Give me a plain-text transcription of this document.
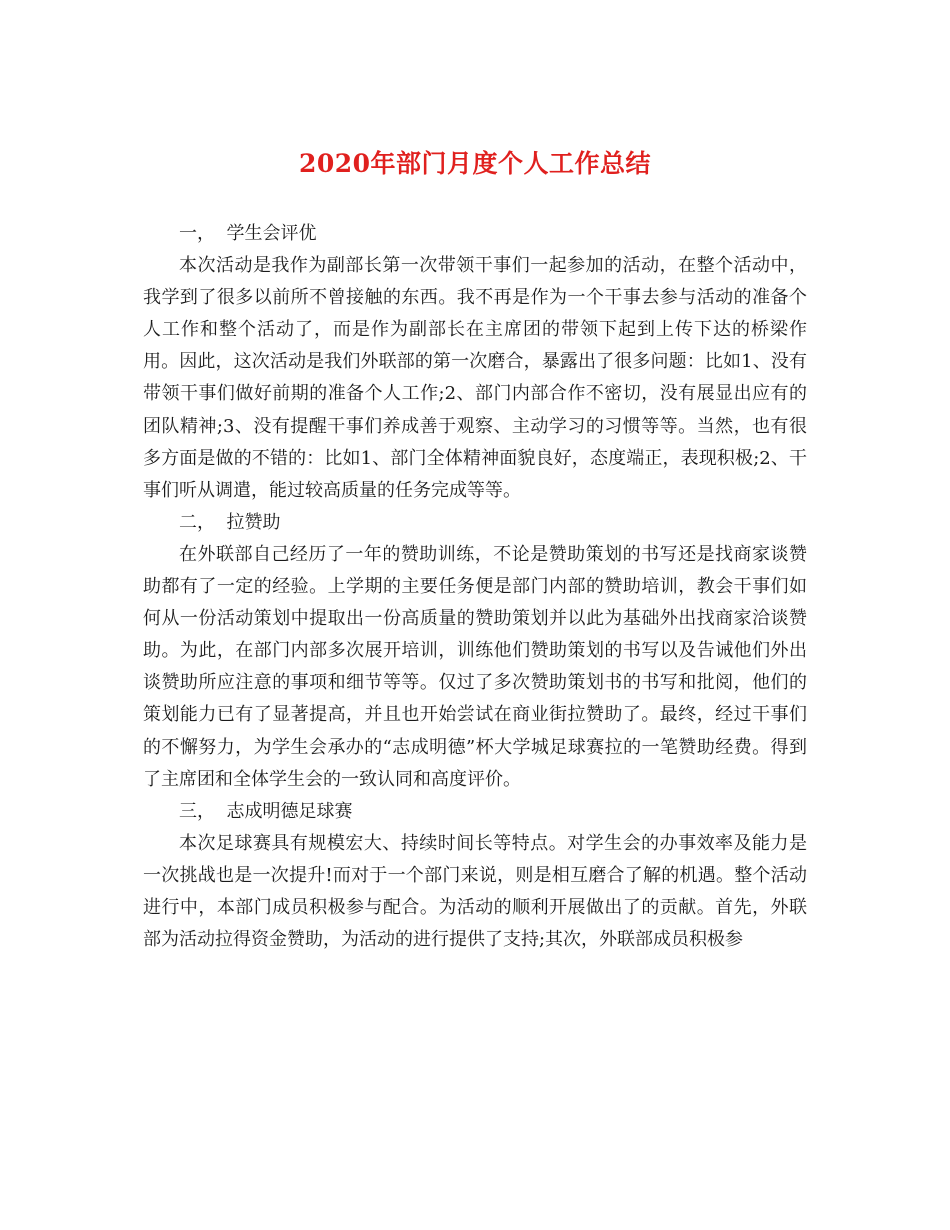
2020年部门月度个人工作总结

一，  学生会评优

本次活动是我作为副部长第一次带领干事们一起参加的活动，在整个活动中，我学到了很多以前所不曾接触的东西。我不再是作为一个干事去参与活动的准备个人工作和整个活动了，而是作为副部长在主席团的带领下起到上传下达的桥梁作用。因此，这次活动是我们外联部的第一次磨合，暴露出了很多问题：比如1、没有带领干事们做好前期的准备个人工作;2、部门内部合作不密切，没有展显出应有的团队精神;3、没有提醒干事们养成善于观察、主动学习的习惯等等。当然，也有很多方面是做的不错的：比如1、部门全体精神面貌良好，态度端正，表现积极;2、干事们听从调遣，能过较高质量的任务完成等等。

二，  拉赞助

在外联部自己经历了一年的赞助训练，不论是赞助策划的书写还是找商家谈赞助都有了一定的经验。上学期的主要任务便是部门内部的赞助培训，教会干事们如何从一份活动策划中提取出一份高质量的赞助策划并以此为基础外出找商家洽谈赞助。为此，在部门内部多次展开培训，训练他们赞助策划的书写以及告诫他们外出谈赞助所应注意的事项和细节等等。仅过了多次赞助策划书的书写和批阅，他们的策划能力已有了显著提高，并且也开始尝试在商业街拉赞助了。最终，经过干事们的不懈努力，为学生会承办的“志成明德”杯大学城足球赛拉的一笔赞助经费。得到了主席团和全体学生会的一致认同和高度评价。

三，  志成明德足球赛

本次足球赛具有规模宏大、持续时间长等特点。对学生会的办事效率及能力是一次挑战也是一次提升!而对于一个部门来说，则是相互磨合了解的机遇。整个活动进行中，本部门成员积极参与配合。为活动的顺利开展做出了的贡献。首先，外联部为活动拉得资金赞助，为活动的进行提供了支持;其次，外联部成员积极参
